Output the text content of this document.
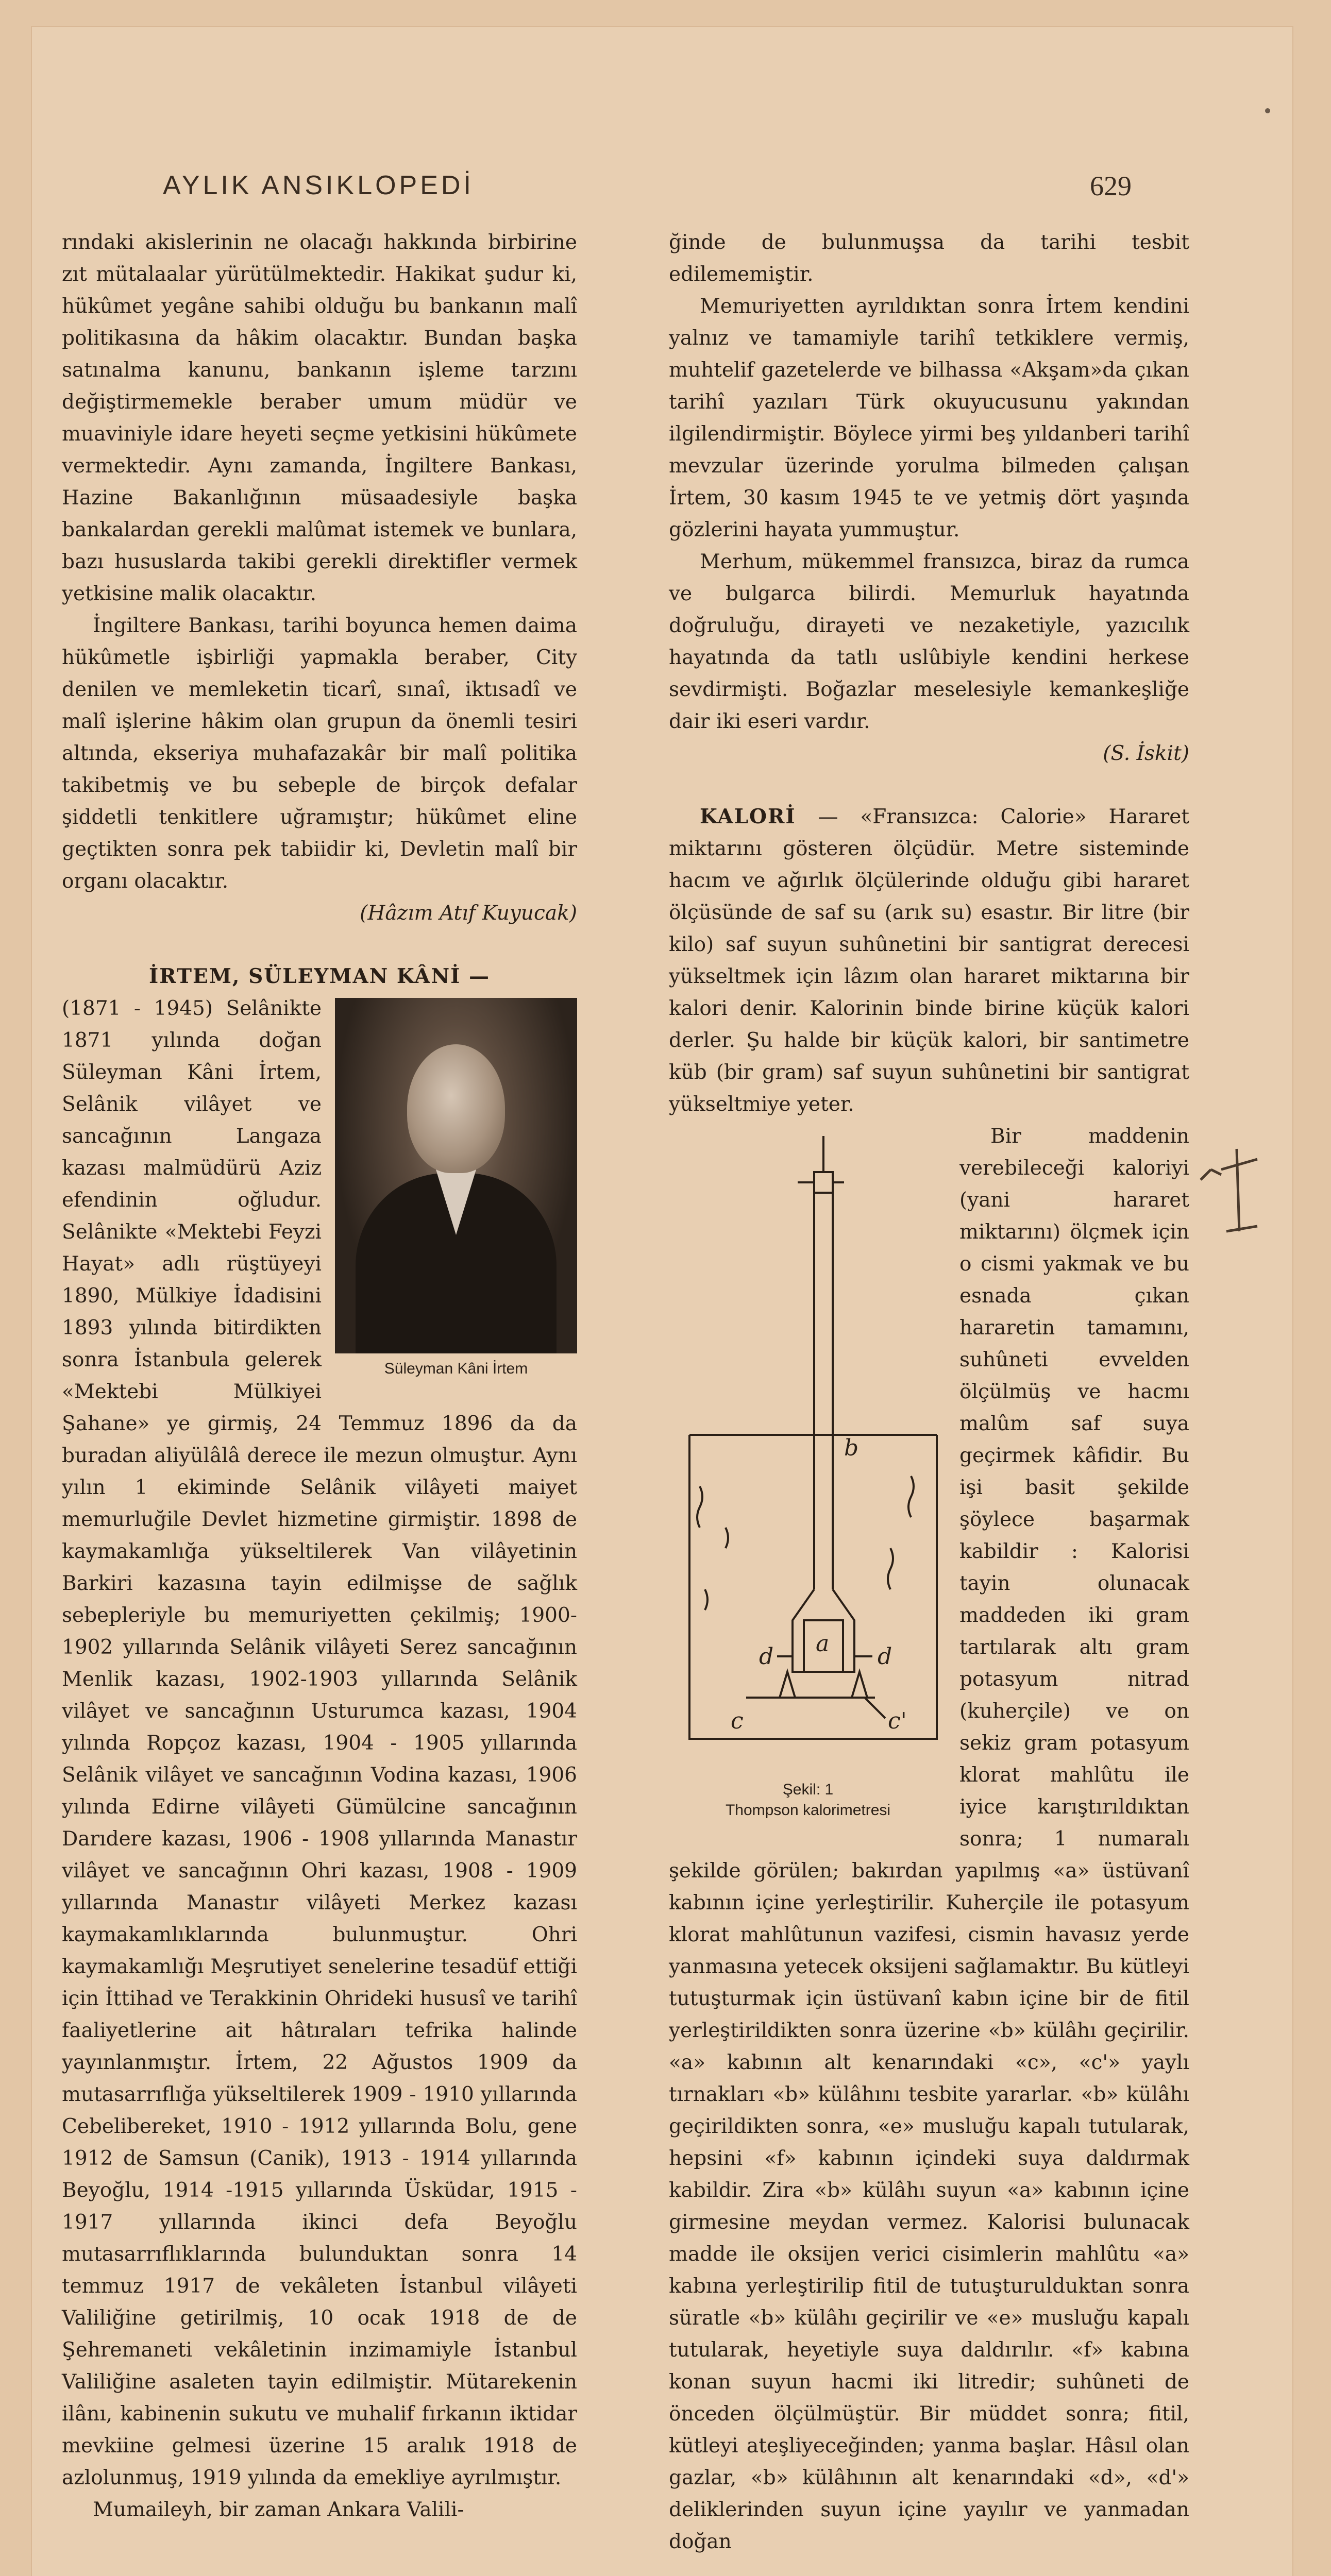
AYLIK ANSIKLOPEDİ	629

rındaki akislerinin ne olacağı hakkında birbirine zıt mütalaalar yürütülmektedir. Hakikat şudur ki, hükûmet yegâne sahibi olduğu bu bankanın malî politikasına da hâkim olacaktır. Bundan başka satınalma kanunu, bankanın işleme tarzını değiştirmemekle beraber umum müdür ve muaviniyle idare heyeti seçme yetkisini hükûmete vermektedir. Aynı zamanda, İngiltere Bankası, Hazine Bakanlığının müsaadesiyle başka bankalardan gerekli malûmat istemek ve bunlara, bazı hususlarda takibi gerekli direktifler vermek yetkisine malik olacaktır.

İngiltere Bankası, tarihi boyunca hemen daima hükûmetle işbirliği yapmakla beraber, City denilen ve memleketin ticarî, sınaî, iktısadî ve malî işlerine hâkim olan grupun da önemli tesiri altında, ekseriya muhafazakâr bir malî politika takibetmiş ve bu sebeple de birçok defalar şiddetli tenkitlere uğramıştır; hükûmet eline geçtikten sonra pek tabiidir ki, Devletin malî bir organı olacaktır.

(Hâzım Atıf Kuyucak)

İRTEM, SÜLEYMAN KÂNİ —

Süleyman Kâni İrtem

(1871 - 1945) Selânikte 1871 yılında doğan Süleyman Kâni İrtem, Selânik vilâyet ve sancağının Langaza kazası malmüdürü Aziz efendinin oğludur. Selânikte «Mektebi Feyzi Hayat» adlı rüştüyeyi 1890, Mülkiye İdadisini 1893 yılında bitirdikten sonra İstanbula gelerek «Mektebi Mülkiyei Şahane» ye girmiş, 24 Temmuz 1896 da da buradan aliyülâlâ derece ile mezun olmuştur. Aynı yılın 1 ekiminde Selânik vilâyeti maiyet memurluğile Devlet hizmetine girmiştir. 1898 de kaymakamlığa yükseltilerek Van vilâyetinin Barkiri kazasına tayin edilmişse de sağlık sebepleriyle bu memuriyetten çekilmiş; 1900-1902 yıllarında Selânik vilâyeti Serez sancağının Menlik kazası, 1902-1903 yıllarında Selânik vilâyet ve sancağının Usturumca kazası, 1904 yılında Ropçoz kazası, 1904 - 1905 yıllarında Selânik vilâyet ve sancağının Vodina kazası, 1906 yılında Edirne vilâyeti Gümülcine sancağının Darıdere kazası, 1906 - 1908 yıllarında Manastır vilâyet ve sancağının Ohri kazası, 1908 - 1909 yıllarında Manastır vilâyeti Merkez kazası kaymakamlıklarında bulunmuştur. Ohri kaymakamlığı Meşrutiyet senelerine tesadüf ettiği için İttihad ve Terakkinin Ohrideki hususî ve tarihî faaliyetlerine ait hâtıraları tefrika halinde yayınlanmıştır. İrtem, 22 Ağustos 1909 da mutasarrıflığa yükseltilerek 1909 - 1910 yıllarında Cebelibereket, 1910 - 1912 yıllarında Bolu, gene 1912 de Samsun (Canik), 1913 - 1914 yıllarında Beyoğlu, 1914 -1915 yıllarında Üsküdar, 1915 - 1917 yıllarında ikinci defa Beyoğlu mutasarrıflıklarında bulunduktan sonra 14 temmuz 1917 de vekâleten İstanbul vilâyeti Valiliğine getirilmiş, 10 ocak 1918 de de Şehremaneti vekâletinin inzimamiyle İstanbul Valiliğine asaleten tayin edilmiştir. Mütarekenin ilânı, kabinenin sukutu ve muhalif fırkanın iktidar mevkiine gelmesi üzerine 15 aralık 1918 de azlolunmuş, 1919 yılında da emekliye ayrılmıştır.

Mumaileyh, bir zaman Ankara Valili-

ğinde de bulunmuşsa da tarihi tesbit edilememiştir.

Memuriyetten ayrıldıktan sonra İrtem kendini yalnız ve tamamiyle tarihî tetkiklere vermiş, muhtelif gazetelerde ve bilhassa «Akşam»da çıkan tarihî yazıları Türk okuyucusunu yakından ilgilendirmiştir. Böylece yirmi beş yıldanberi tarihî mevzular üzerinde yorulma bilmeden çalışan İrtem, 30 kasım 1945 te ve yetmiş dört yaşında gözlerini hayata yummuştur.

Merhum, mükemmel fransızca, biraz da rumca ve bulgarca bilirdi. Memurluk hayatında doğruluğu, dirayeti ve nezaketiyle, yazıcılık hayatında da tatlı uslûbiyle kendini herkese sevdirmişti. Boğazlar meselesiyle kemankeşliğe dair iki eseri vardır.

(S. İskit)

KALORİ — «Fransızca: Calorie» Hararet miktarını gösteren ölçüdür. Metre sisteminde hacım ve ağırlık ölçülerinde olduğu gibi hararet ölçüsünde de saf su (arık su) esastır. Bir litre (bir kilo) saf suyun suhûnetini bir santigrat derecesi yükseltmek için lâzım olan hararet miktarına bir kalori denir. Kalorinin binde birine küçük kalori derler. Şu halde bir küçük kalori, bir santimetre küb (bir gram) saf suyun suhûnetini bir santigrat yükseltmiye yeter.

b
a
d	d
c	c'
Şekil: 1
Thompson kalorimetresi

Bir maddenin verebileceği kaloriyi (yani hararet miktarını) ölçmek için o cismi yakmak ve bu esnada çıkan hararetin tamamını, suhûneti evvelden ölçülmüş ve hacmı malûm saf suya geçirmek kâfidir. Bu işi basit şekilde şöylece başarmak kabildir : Kalorisi tayin olunacak maddeden iki gram tartılarak altı gram potasyum nitrad (kuherçile) ve on sekiz gram potasyum klorat mahlûtu ile iyice karıştırıldıktan sonra; 1 numaralı şekilde görülen; bakırdan yapılmış «a» üstüvanî kabının içine yerleştirilir. Kuherçile ile potasyum klorat mahlûtunun vazifesi, cismin havasız yerde yanmasına yetecek oksijeni sağlamaktır. Bu kütleyi tutuşturmak için üstüvanî kabın içine bir de fitil yerleştirildikten sonra üzerine «b» külâhı geçirilir. «a» kabının alt kenarındaki «c», «c'» yaylı tırnakları «b» külâhını tesbite yararlar. «b» külâhı geçirildikten sonra, «e» musluğu kapalı tutularak, hepsini «f» kabının içindeki suya daldırmak kabildir. Zira «b» külâhı suyun «a» kabının içine girmesine meydan vermez. Kalorisi bulunacak madde ile oksijen verici cisimlerin mahlûtu «a» kabına yerleştirilip fitil de tutuşturulduktan sonra süratle «b» külâhı geçirilir ve «e» musluğu kapalı tutularak, heyetiyle suya daldırılır. «f» kabına konan suyun hacmi iki litredir; suhûneti de önceden ölçülmüştür. Bir müddet sonra; fitil, kütleyi ateşliyeceğinden; yanma başlar. Hâsıl olan gazlar, «b» külâhının alt kenarındaki «d», «d'» deliklerinden suyun içine yayılır ve yanmadan doğan
